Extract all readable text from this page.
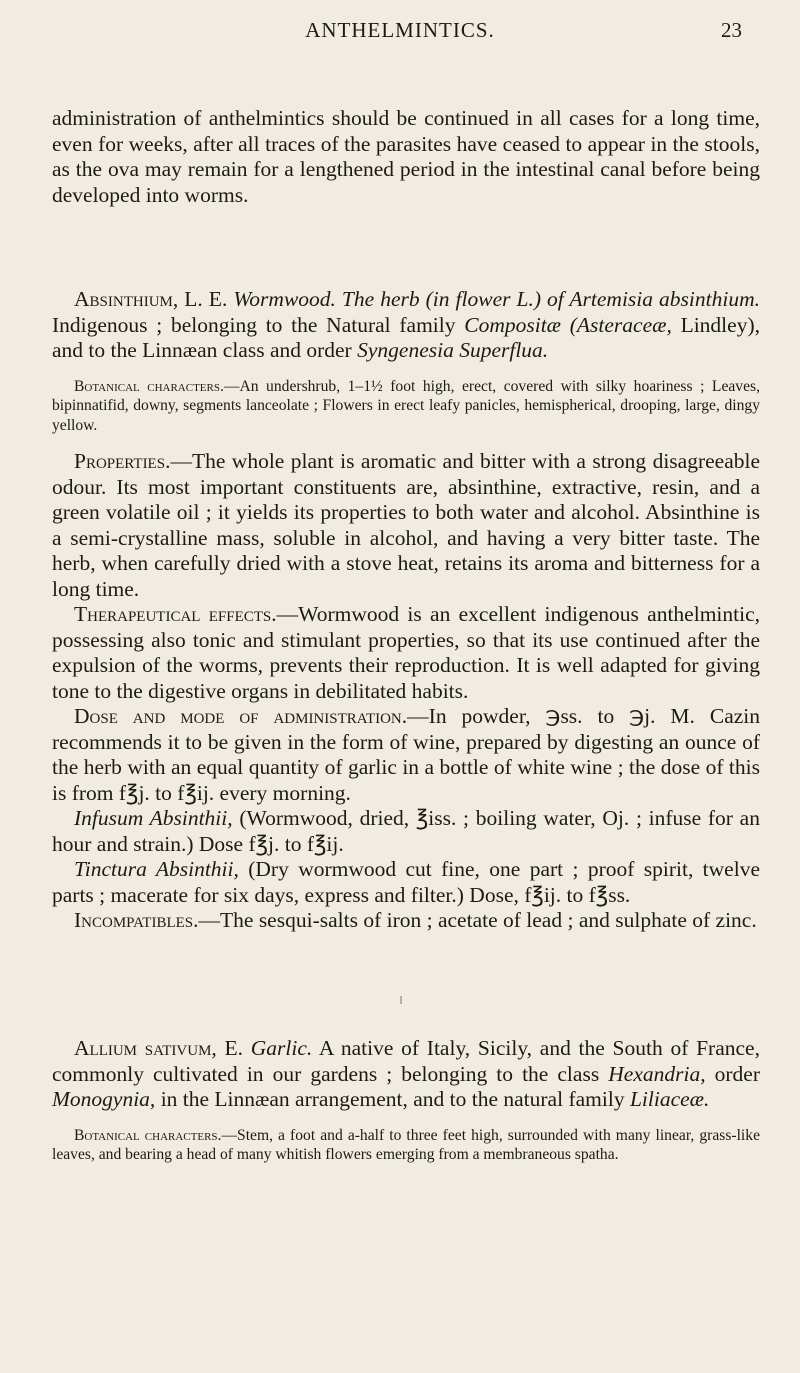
ANTHELMINTICS.	23

administration of anthelmintics should be continued in all cases for a long time, even for weeks, after all traces of the parasites have ceased to appear in the stools, as the ova may remain for a lengthened period in the intestinal canal before being developed into worms.

Absinthium, L. E. Wormwood. The herb (in flower L.) of Artemisia absinthium. Indigenous ; belonging to the Natural family Compositæ (Asteraceæ, Lindley), and to the Linnæan class and order Syngenesia Superflua.

Botanical characters.—An undershrub, 1–1½ foot high, erect, covered with silky hoariness ; Leaves, bipinnatifid, downy, segments lanceolate ; Flowers in erect leafy panicles, hemispherical, drooping, large, dingy yellow.

Properties.—The whole plant is aromatic and bitter with a strong disagreeable odour. Its most important constituents are, absinthine, extractive, resin, and a green volatile oil ; it yields its properties to both water and alcohol. Absinthine is a semi-crystalline mass, soluble in alcohol, and having a very bitter taste. The herb, when carefully dried with a stove heat, retains its aroma and bitterness for a long time.

Therapeutical effects.—Wormwood is an excellent indigenous anthelmintic, possessing also tonic and stimulant properties, so that its use continued after the expulsion of the worms, prevents their reproduction. It is well adapted for giving tone to the digestive organs in debilitated habits.

Dose and mode of administration.—In powder, ℈ss. to ℈j. M. Cazin recommends it to be given in the form of wine, prepared by digesting an ounce of the herb with an equal quantity of garlic in a bottle of white wine ; the dose of this is from f℥j. to f℥ij. every morning.

Infusum Absinthii, (Wormwood, dried, ℥iss. ; boiling water, Oj. ; infuse for an hour and strain.) Dose f℥j. to f℥ij.

Tinctura Absinthii, (Dry wormwood cut fine, one part ; proof spirit, twelve parts ; macerate for six days, express and filter.) Dose, f℥ij. to f℥ss.

Incompatibles.—The sesqui-salts of iron ; acetate of lead ; and sulphate of zinc.

Allium sativum, E. Garlic. A native of Italy, Sicily, and the South of France, commonly cultivated in our gardens ; belonging to the class Hexandria, order Monogynia, in the Linnæan arrangement, and to the natural family Liliaceæ.

Botanical characters.—Stem, a foot and a-half to three feet high, surrounded with many linear, grass-like leaves, and bearing a head of many whitish flowers emerging from a membraneous spatha.
